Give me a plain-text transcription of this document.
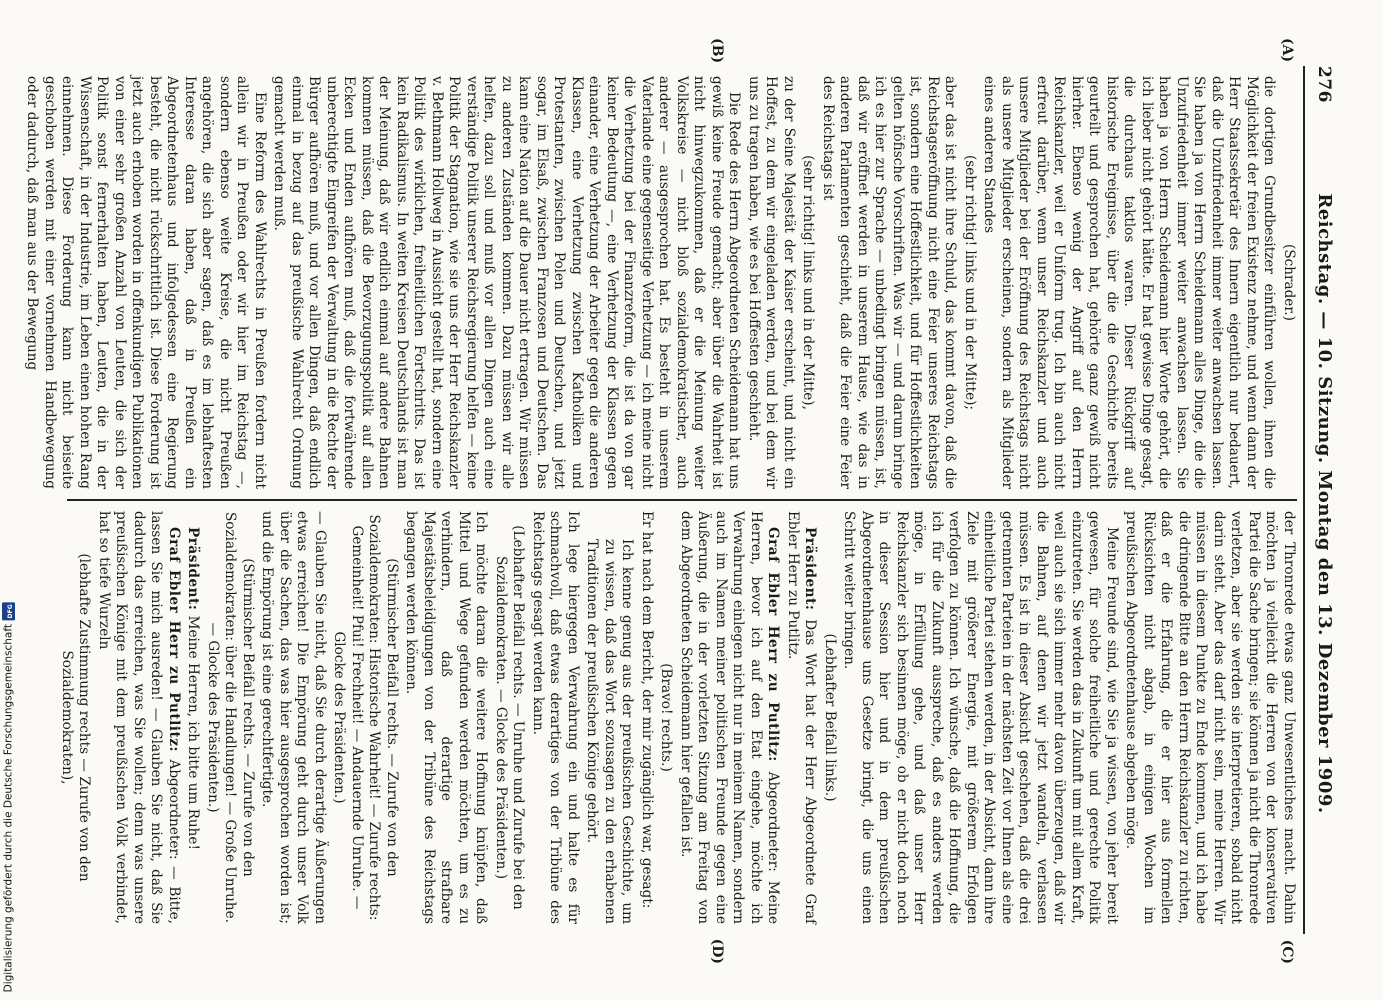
276
Reichstag. — 10. Sitzung. Montag den 13. Dezember 1909.

(Schrader.)

die dortigen Grundbesitzer einführen wollen, ihnen die Möglichkeit der freien Existenz nehme, und wenn dann der Herr Staatssekretär des Innern eigentlich nur bedauert, daß die Unzufriedenheit immer weiter anwachsen lassen. Sie haben ja von Herrn Scheidemann alles Dinge, die die Unzufriedenheit immer weiter anwachsen lassen. Sie haben ja von Herrn Scheidemann hier Worte gehört, die ich lieber nicht gehört hätte. Er hat gewisse Dinge gesagt, die durchaus taktlos waren. Dieser Rückgriff auf historische Ereignisse, über die die Geschichte bereits geurteilt und gesprochen hat, gehörte ganz gewiß nicht hierher. Ebenso wenig der Angriff auf den Herrn Reichskanzler, weil er Uniform trug. Ich bin auch nicht erfreut darüber, wenn unser Reichskanzler und auch unsere Mitglieder bei der Eröffnung des Reichstags nicht als unsere Mitglieder erscheinen, sondern als Mitglieder eines anderen Standes

(sehr richtig! links und in der Mitte);

aber das ist nicht ihre Schuld, das kommt davon, daß die Reichstagseröffnung nicht eine Feier unseres Reichstags ist, sondern eine Hoffestlichkeit, und für Hoffestlichkeiten gelten höfische Vorschriften. Was wir — und darum bringe ich es hier zur Sprache — unbedingt bringen müssen, ist, daß wir eröffnet werden in unserem Hause, wie das in anderen Parlamenten geschieht, daß die Feier eine Feier des Reichstags ist

(sehr richtig! links und in der Mitte),

zu der Seine Majestät der Kaiser erscheint, und nicht ein Hoffest, zu dem wir eingeladen werden, und bei dem wir uns zu tragen haben, wie es bei Hoffesten geschieht.

Die Rede des Herrn Abgeordneten Scheidemann hat uns gewiß keine Freude gemacht; aber über die Wahrheit ist nicht hinwegzukommen, daß er die Meinung weiter Volkskreise — nicht bloß sozialdemokratischer, auch anderer — ausgesprochen hat. Es besteht in unserem Vaterlande eine gegenseitige Verhetzung — ich meine nicht die Verhetzung bei der Finanzreform, die ist da von gar keiner Bedeutung —, eine Verhetzung der Klassen gegen einander, eine Verhetzung der Arbeiter gegen die anderen Klassen, eine Verhetzung zwischen Katholiken und Protestanten, zwischen Polen und Deutschen, und jetzt sogar, im Elsaß, zwischen Franzosen und Deutschen. Das kann eine Nation auf die Dauer nicht ertragen. Wir müssen zu anderen Zuständen kommen. Dazu müssen wir alle helfen, dazu soll und muß vor allen Dingen auch eine verständige Politik unserer Reichsregierung helfen — keine Politik der Stagnation, wie sie uns der Herr Reichskanzler v. Bethmann Hollweg in Aussicht gestellt hat, sondern eine Politik des wirklichen, freiheitlichen Fortschritts. Das ist kein Radikalismus. In weiten Kreisen Deutschlands ist man der Meinung, daß wir endlich einmal auf andere Bahnen kommen müssen, daß die Bevorzugungspolitik auf allen Ecken und Enden aufhören muß, daß die fortwährende unberechtigte Eingreifen der Verwaltung in die Rechte der Bürger aufhören muß, und vor allen Dingen, daß endlich einmal in bezug auf das preußische Wahlrecht Ordnung gemacht werden muß.

Eine Reform des Wahlrechts in Preußen fordern nicht allein wir in Preußen oder wir hier im Reichstag —, sondern ebenso weite Kreise, die nicht Preußen angehören, die sich aber sagen, daß es im lebhaftesten Interesse daran haben, daß in Preußen ein Abgeordnetenhaus und infolgedessen eine Regierung besteht, die nicht rückschrittlich ist. Diese Forderung ist jetzt auch erhoben worden in offenkundigen Publikationen von einer sehr großen Anzahl von Leuten, die sich der Politik sonst fernerhalten haben, Leuten, die in der Wissenschaft, in der Industrie, im Leben einen hohen Rang einnehmen. Diese Forderung kann nicht beiseite geschoben werden mit einer vornehmen Handbewegung oder dadurch, daß man aus der Bewegung

der Thronrede etwas ganz Unwesentliches macht. Dahin möchten ja vielleicht die Herren von der konservativen Partei die Sache bringen; sie können ja nicht die Thronrede verletzen, aber sie werden sie interpretieren, sobald nicht darin steht. Aber das darf nicht sein, meine Herren. Wir müssen in diesem Punkte zu Ende kommen, und ich habe die dringende Bitte an den Herrn Reichskanzler zu richten, daß er die Erfahrung, die er hier aus formellen Rücksichten nicht abgab, in einigen Wochen im preußischen Abgeordnetenhause abgeben möge.

Meine Freunde sind, wie Sie ja wissen, von jeher bereit gewesen, für solche freiheitliche und gerechte Politik einzutreten. Sie werden das in Zukunft um mit allem Kraft, weil auch sie sich immer mehr davon überzeugen, daß wir die Bahnen, auf denen wir jetzt wandeln, verlassen müssen. Es ist in dieser Absicht geschehen, daß die drei getrennten Parteien in der nächsten Zeit vor Ihnen als eine einheitliche Partei stehen werden, in der Absicht, dann ihre Ziele mit größerer Energie, mit größerem Erfolgen verfolgen zu können. Ich wünsche, daß die Hoffnung, die ich für die Zukunft ausspreche, daß es anders werden möge, in Erfüllung gehe, und daß unser Herr Reichskanzler sich besinnen möge, ob er nicht doch noch in dieser Session hier und in dem preußischen Abgeordnetenhause uns Gesetze bringt, die uns einen Schritt weiter bringen.

(Lebhafter Beifall links.)

Präsident: Das Wort hat der Herr Abgeordnete Graf Ebler Herr zu Putlitz.

Graf Ebler Herr zu Putlitz: Abgeordneter: Meine Herren, bevor ich auf den Etat eingehe, möchte ich Verwahrung einlegen nicht nur in meinem Namen, sondern auch im Namen meiner politischen Freunde gegen eine Äußerung, die in der vorletzten Sitzung am Freitag von dem Abgeordneten Scheidemann hier gefallen ist.

(Bravo! rechts.)

Er hat nach dem Bericht, der mir zugänglich war, gesagt:

Ich kenne genug aus der preußischen Geschichte, um zu wissen, daß das Wort sozusagen zu den erhabenen Traditionen der preußischen Könige gehört.

Ich lege hiergegen Verwahrung ein und halte es für schmachvoll, daß etwas derartiges von der Tribüne des Reichstags gesagt werden kann.

(Lebhafter Beifall rechts. — Unruhe und Zurufe bei den Sozialdemokraten. — Glocke des Präsidenten.)

Ich möchte daran die weitere Hoffnung knüpfen, daß Mittel und Wege gefunden werden möchten, um es zu verhindern, daß derartige strafbare Majestätsbeleidigungen von der Tribüne des Reichstags begangen werden können.

(Stürmischer Beifall rechts. — Zurufe von den Sozialdemokraten: Historische Wahrheit! — Zurufe rechts: Gemeinheit! Pfui! Frechheit! — Andauernde Unruhe. — Glocke des Präsidenten.)

— Glauben Sie nicht, daß Sie durch derartige Äußerungen etwas erreichen! Die Empörung geht durch unser Volk über die Sachen, das was hier ausgesprochen worden ist; und die Empörung ist eine gerechtfertigte.

(Stürmischer Beifall rechts. — Zurufe von den Sozialdemokraten: über die Handlungen! — Große Unruhe. — Glocke des Präsidenten.)

Präsident: Meine Herren, ich bitte um Ruhe!

Graf Ebler Herr zu Putlitz: Abgeordneter: — Bitte, lassen Sie mich ausreden! — Glauben Sie nicht, daß Sie dadurch das erreichen, was Sie wollen; denn was unsere preußischen Könige mit dem preußischen Volk verbindet, hat so tiefe Wurzeln

(lebhafte Zustimmung rechts — Zurufe von den Sozialdemokraten),

(A)
(B)
(C)
(D)
Digitalisierung gefördert durch die Deutsche Forschungsgemeinschaft
DFG
